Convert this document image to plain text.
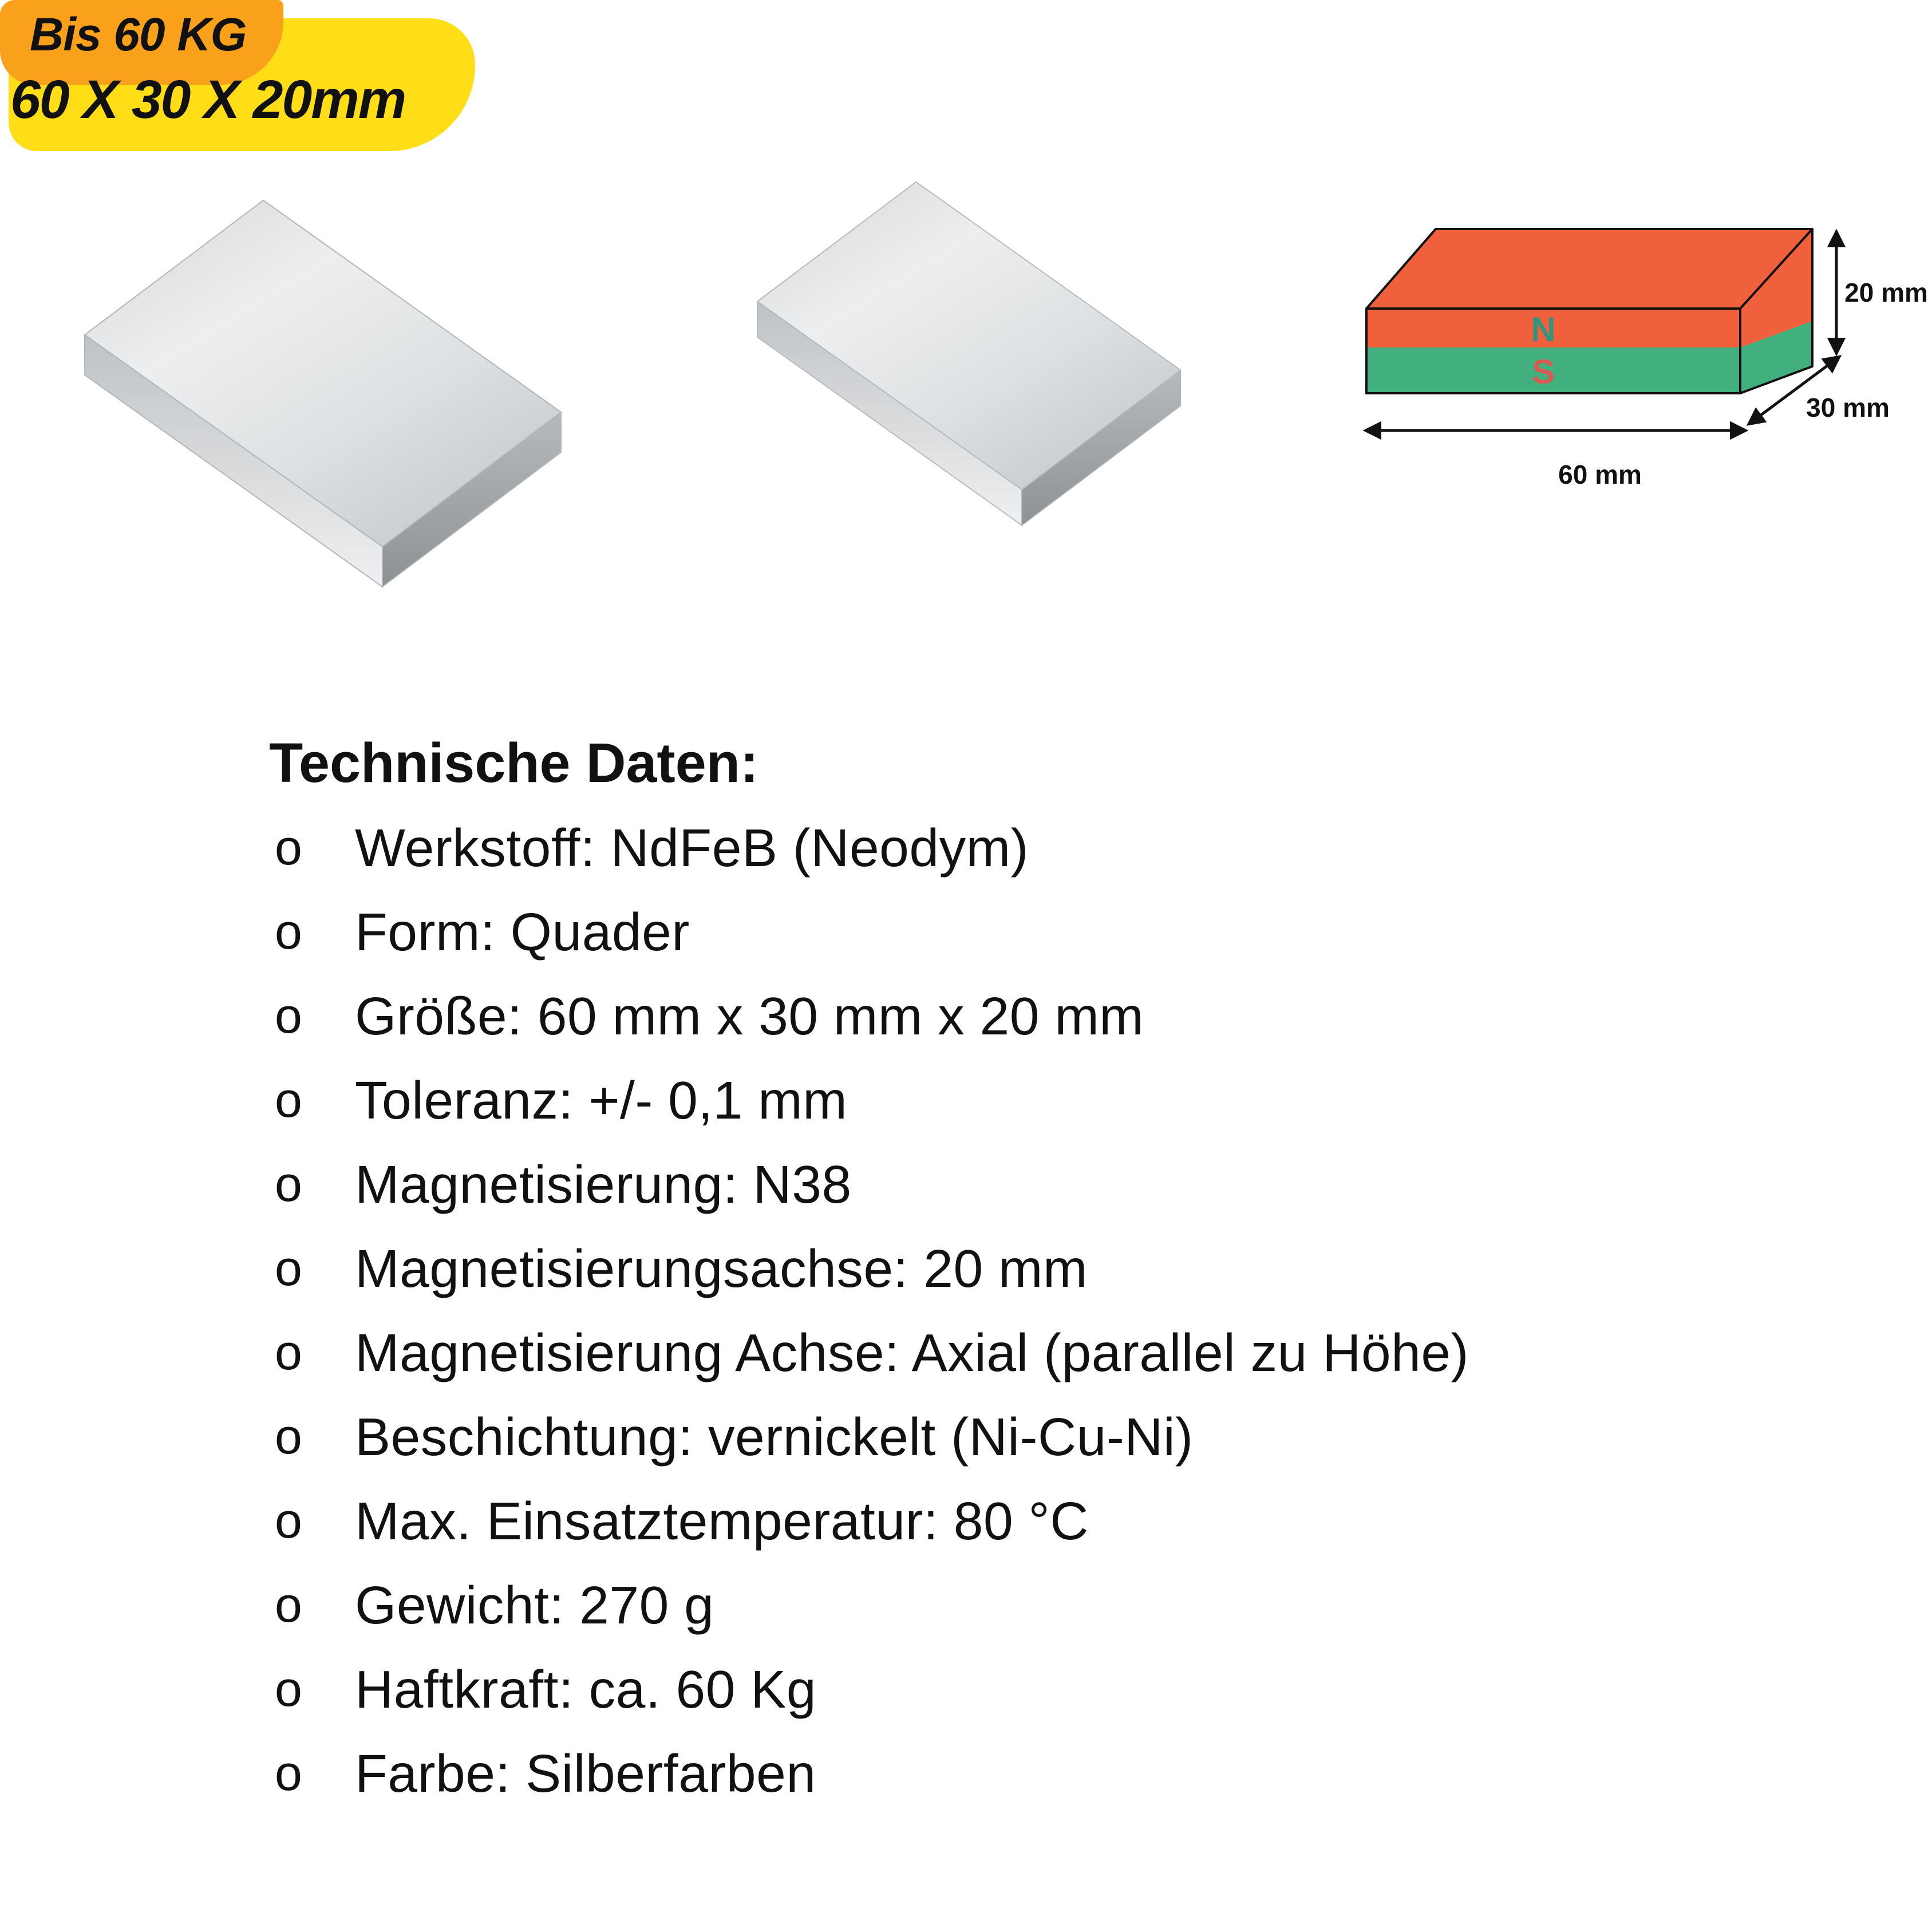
Bis 60 KG
60 X 30 X 20mm
N
S
20 mm
30 mm
60 mm
Technische Daten:
o Werkstoff: NdFeB (Neodym)
o Form: Quader
o Größe: 60 mm x 30 mm x 20 mm
o Toleranz: +/- 0,1 mm
o Magnetisierung: N38
o Magnetisierungsachse: 20 mm
o Magnetisierung Achse: Axial (parallel zu Höhe)
o Beschichtung: vernickelt (Ni-Cu-Ni)
o Max. Einsatztemperatur: 80 °C
o Gewicht: 270 g
o Haftkraft: ca. 60 Kg
o Farbe: Silberfarben
